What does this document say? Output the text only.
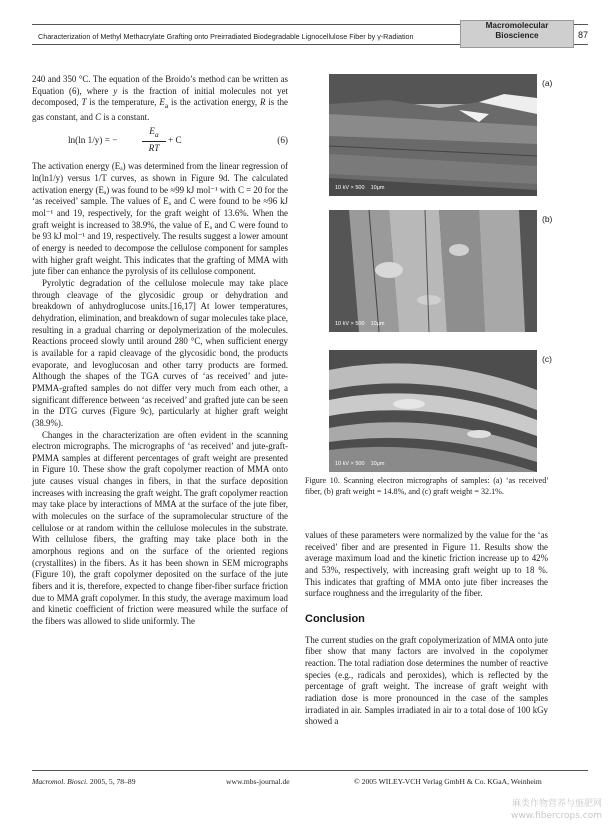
Characterization of Methyl Methacrylate Grafting onto Preirradiated Biodegradable Lignocellulose Fiber by γ-Radiation
Macromolecular
Bioscience	87

240 and 350 °C. The equation of the Broido’s method can be written as Equation (6), where y is the fraction of initial molecules not yet decomposed, T is the temperature, $E_a$ is the activation energy, R is the gas constant, and C is a constant.

ln(ln 1/y) = −	$\frac{E_a}{RT} + C$	(6)

The activation energy (Eₐ) was determined from the linear regression of ln(ln1/y) versus 1/T curves, as shown in Figure 9d. The calculated activation energy (Eₐ) was found to be ≈99 kJ mol⁻¹ with C = 20 for the ‘as received’ sample. The values of Eₐ and C were found to be ≈96 kJ mol⁻¹ and 19, respectively, for the graft weight of 13.6%. When the graft weight is increased to 38.9%, the value of Eₐ and C were found to be 93 kJ mol⁻¹ and 19, respectively. The results suggest a lower amount of energy is needed to decompose the cellulose component for samples with higher graft weight. This indicates that the grafting of MMA with jute fiber can enhance the pyrolysis of its cellulose component.

Pyrolytic degradation of the cellulose molecule may take place through cleavage of the glycosidic group or dehydration and breakdown of anhydroglucose units.[16,17] At lower temperatures, dehydration, elimination, and breakdown of sugar molecules take place, resulting in a gradual charring or depolymerization of the molecules. Reactions proceed slowly until around 280 °C, when sufficient energy is available for a rapid cleavage of the glycosidic bond, the products evaporate, and levoglucosan and other tarry products are formed. Although the shapes of the TGA curves of ‘as received’ and jute-PMMA-grafted samples do not differ very much from each other, a significant difference between ‘as received’ and grafted jute can be seen in the DTG curves (Figure 9c), particularly at higher graft weight (38.9%).

Changes in the characterization are often evident in the scanning electron micrographs. The micrographs of ‘as received’ and jute-graft-PMMA samples at different percentages of graft weight are presented in Figure 10. These show the graft copolymer reaction of MMA onto jute causes visual changes in fibers, in that the surface deposition increases with increasing the graft weight. The graft copolymer reaction may take place by interactions of MMA at the surface of the jute fiber, with molecules on the surface of the supramolecular structure of the cellulose or at random within the cellulose molecules in the substrate. With cellulose fibers, the grafting may take place both in the amorphous regions and on the surface of the oriented regions (crystallites) in the fibers. As it has been shown in SEM micrographs (Figure 10), the graft copolymer deposited on the surface of the jute fibers and it is, therefore, expected to change fiber-fiber surface friction due to MMA graft copolymer. In this study, the average maximum load and kinetic coefficient of friction were measured while the surface of the fibers was allowed to slide uniformly. The

(a)
10 kV × 500    10μm
(b)
10 kV × 500    10μm
(c)
10 kV × 500    10μm
Figure 10. Scanning electron micrographs of samples: (a) ‘as received’ fiber, (b) graft weight = 14.8%, and (c) graft weight = 32.1%.

values of these parameters were normalized by the value for the ‘as received’ fiber and are presented in Figure 11. Results show the average maximum load and the kinetic friction increase up to 42% and 53%, respectively, with increasing graft weight up to 18 %. This indicates that grafting of MMA onto jute fiber increases the surface roughness and the irregularity of the fiber.

Conclusion

The current studies on the graft copolymerization of MMA onto jute fiber show that many factors are involved in the copolymer reaction. The total radiation dose determines the number of reactive species (e.g., radicals and peroxides), which is reflected by the percentage of graft weight. The increase of graft weight with radiation dose is more pronounced in the case of the samples irradiated in air. Samples irradiated in air to a total dose of 100 kGy showed a

Macromol. Biosci. 2005, 5, 78–89	www.mbs-journal.de	© 2005 WILEY-VCH Verlag GmbH & Co. KGaA, Weinheim
麻类作物营养与施肥网
www.fibercrops.com
